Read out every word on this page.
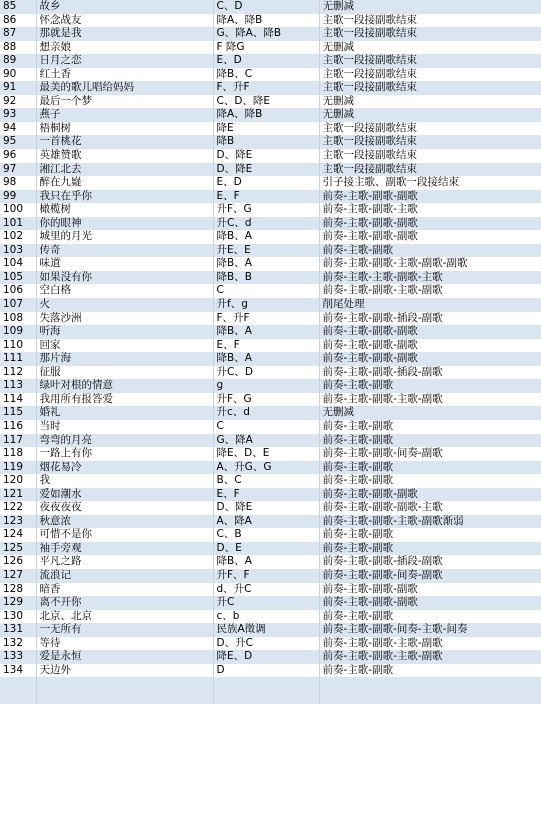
85	故乡	C、D	无删减
86	怀念战友	降A、降B	主歌一段接副歌结束
87	那就是我	G、降A、降B	主歌一段接副歌结束
88	想亲娘	F 降G	无删减
89	日月之恋	E、D	主歌一段接副歌结束
90	红土香	降B、C	主歌一段接副歌结束
91	最美的歌儿唱给妈妈	F、升F	主歌一段接副歌结束
92	最后一个梦	C、D、降E	无删减
93	燕子	降A、降B	无删减
94	梧桐树	降E	主歌一段接副歌结束
95	一首桃花	降B	主歌一段接副歌结束
96	英雄赞歌	D、降E	主歌一段接副歌结束
97	湘江北去	D、降E	主歌一段接副歌结束
98	醉在九嶷	E、D	引子接主歌、副歌一段接结束
99	我只在乎你	E、F	前奏-主歌-副歌-副歌
100	橄榄树	升F、G	前奏-主歌-副歌-主歌
101	你的眼神	升C、d	前奏-主歌-副歌-副歌
102	城里的月光	降B、A	前奏-主歌-副歌-副歌
103	传奇	升E、E	前奏-主歌-副歌
104	味道	降B、A	前奏-主歌-副歌-主歌-副歌-副歌
105	如果没有你	降B、B	前奏-主歌-主歌-副歌-主歌
106	空白格	C	前奏-主歌-副歌-主歌-副歌
107	火	升f、g	削尾处理
108	失落沙洲	F、升F	前奏-主歌-副歌-插段-副歌
109	听海	降B、A	前奏-主歌-副歌-副歌
110	回家	E、F	前奏-主歌-副歌-副歌
111	那片海	降B、A	前奏-主歌-副歌-副歌
112	征服	升C、D	前奏-主歌-副歌-插段-副歌
113	绿叶对根的情意	g	前奏-主歌-副歌
114	我用所有报答爱	升F、G	前奏-主歌-副歌-主歌-副歌
115	婚礼	升c、d	无删减
116	当时	C	前奏-主歌-副歌
117	弯弯的月亮	G、降A	前奏-主歌-副歌
118	一路上有你	降E、D、E	前奏-主歌-副歌-间奏-副歌
119	烟花易冷	A、升G、G	前奏-主歌-副歌
120	我	B、C	前奏-主歌-副歌
121	爱如潮水	E、F	前奏-主歌-副歌-副歌
122	夜夜夜夜	D、降E	前奏-主歌-副歌-副歌-主歌
123	秋意浓	A、降A	前奏-主歌-副歌-主歌-副歌渐弱
124	可惜不是你	C、B	前奏-主歌-副歌
125	袖手旁观	D、E	前奏-主歌-副歌
126	平凡之路	降B、A	前奏-主歌-副歌-插段-副歌
127	流浪记	升F、F	前奏-主歌-副歌-间奏-副歌
128	暗香	d、升C	前奏-主歌-副歌-副歌
129	离不开你	升C	前奏-主歌-副歌-副歌
130	北京、北京	c、b	前奏-主歌-副歌
131	一无所有	民族A徵调	前奏-主歌-副歌-间奏-主歌-间奏
132	等待	D、升C	前奏-主歌-副歌-主歌-副歌
133	爱是永恒	降E、D	前奏-主歌-副歌-主歌-副歌
134	天边外	D	前奏-主歌-副歌
